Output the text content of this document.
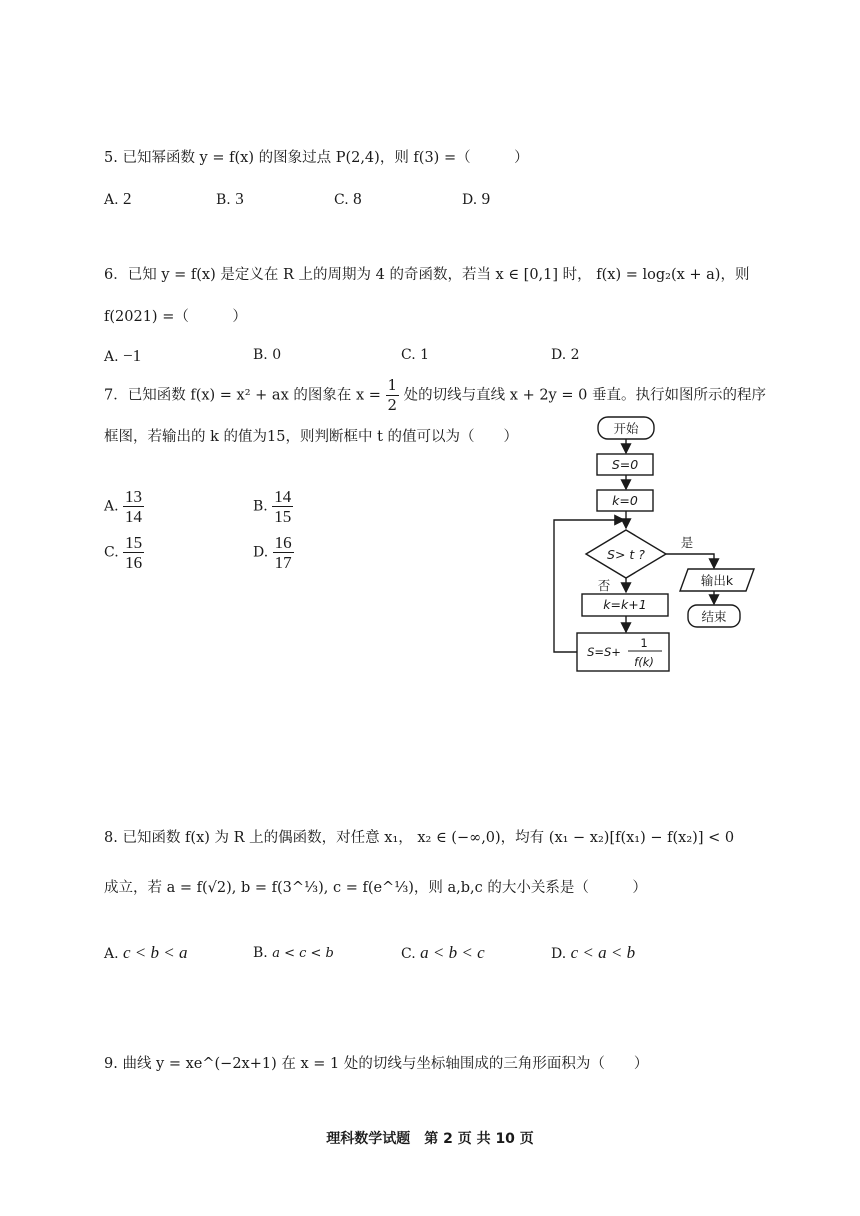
5. 已知幂函数 y = f(x) 的图象过点 P(2,4)，则 f(3) =（　　　）
A. 2	B. 3	C. 8	D. 9
6．已知 y = f(x) 是定义在 R 上的周期为 4 的奇函数，若当 x ∈ [0,1] 时， f(x) = log₂(x + a)，则
f(2021) =（　　　）
A. −1	B. 0	C. 1	D. 2
7．已知函数 f(x) = x² + ax 的图象在 $x = \frac{1}{2}$ 处的切线与直线 x + 2y = 0 垂直。执行如图所示的程序
框图，若输出的 k 的值为15，则判断框中 t 的值可以为（　　）
A. $\frac{13}{14}$	B. $\frac{14}{15}$
C. $\frac{15}{16}$	D. $\frac{16}{17}$
开始
S=0
k=0
S> t ?
是
否	输出k
结束
k=k+1
S=S+
1
f(k)
8. 已知函数 f(x) 为 R 上的偶函数，对任意 x₁， x₂ ∈ (−∞,0)，均有 (x₁ − x₂)[f(x₁) − f(x₂)] < 0
成立，若 a = f(√2), b = f(3^⅓), c = f(e^⅓)，则 a,b,c 的大小关系是（　　　）
A. c < b < a	B. a < c < b	C. a < b < c	D. c < a < b
9. 曲线 y = xe^(−2x+1) 在 x = 1 处的切线与坐标轴围成的三角形面积为（　　）
理科数学试题　第 2 页 共 10 页
